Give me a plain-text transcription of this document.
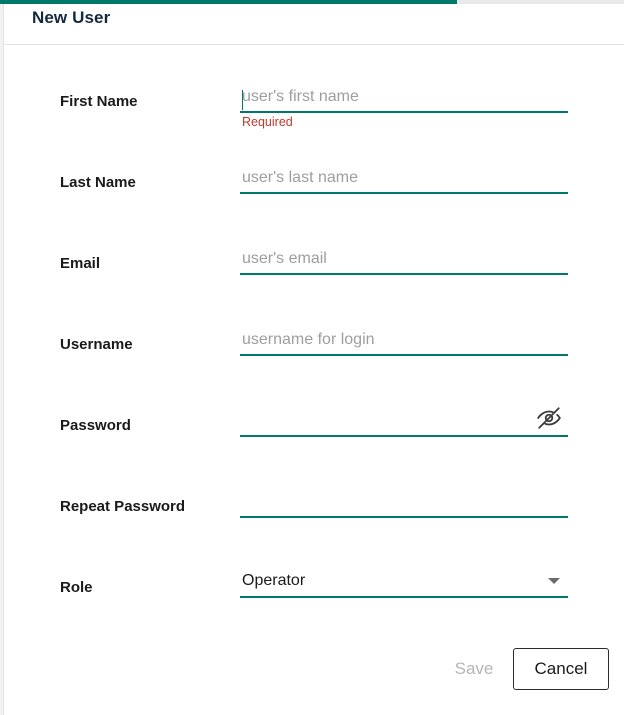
New User
First Name
user's first name
Required
Last Name
user's last name
Email
user's email
Username
username for login
Password
Repeat Password
Role	Operator
Save	Cancel
